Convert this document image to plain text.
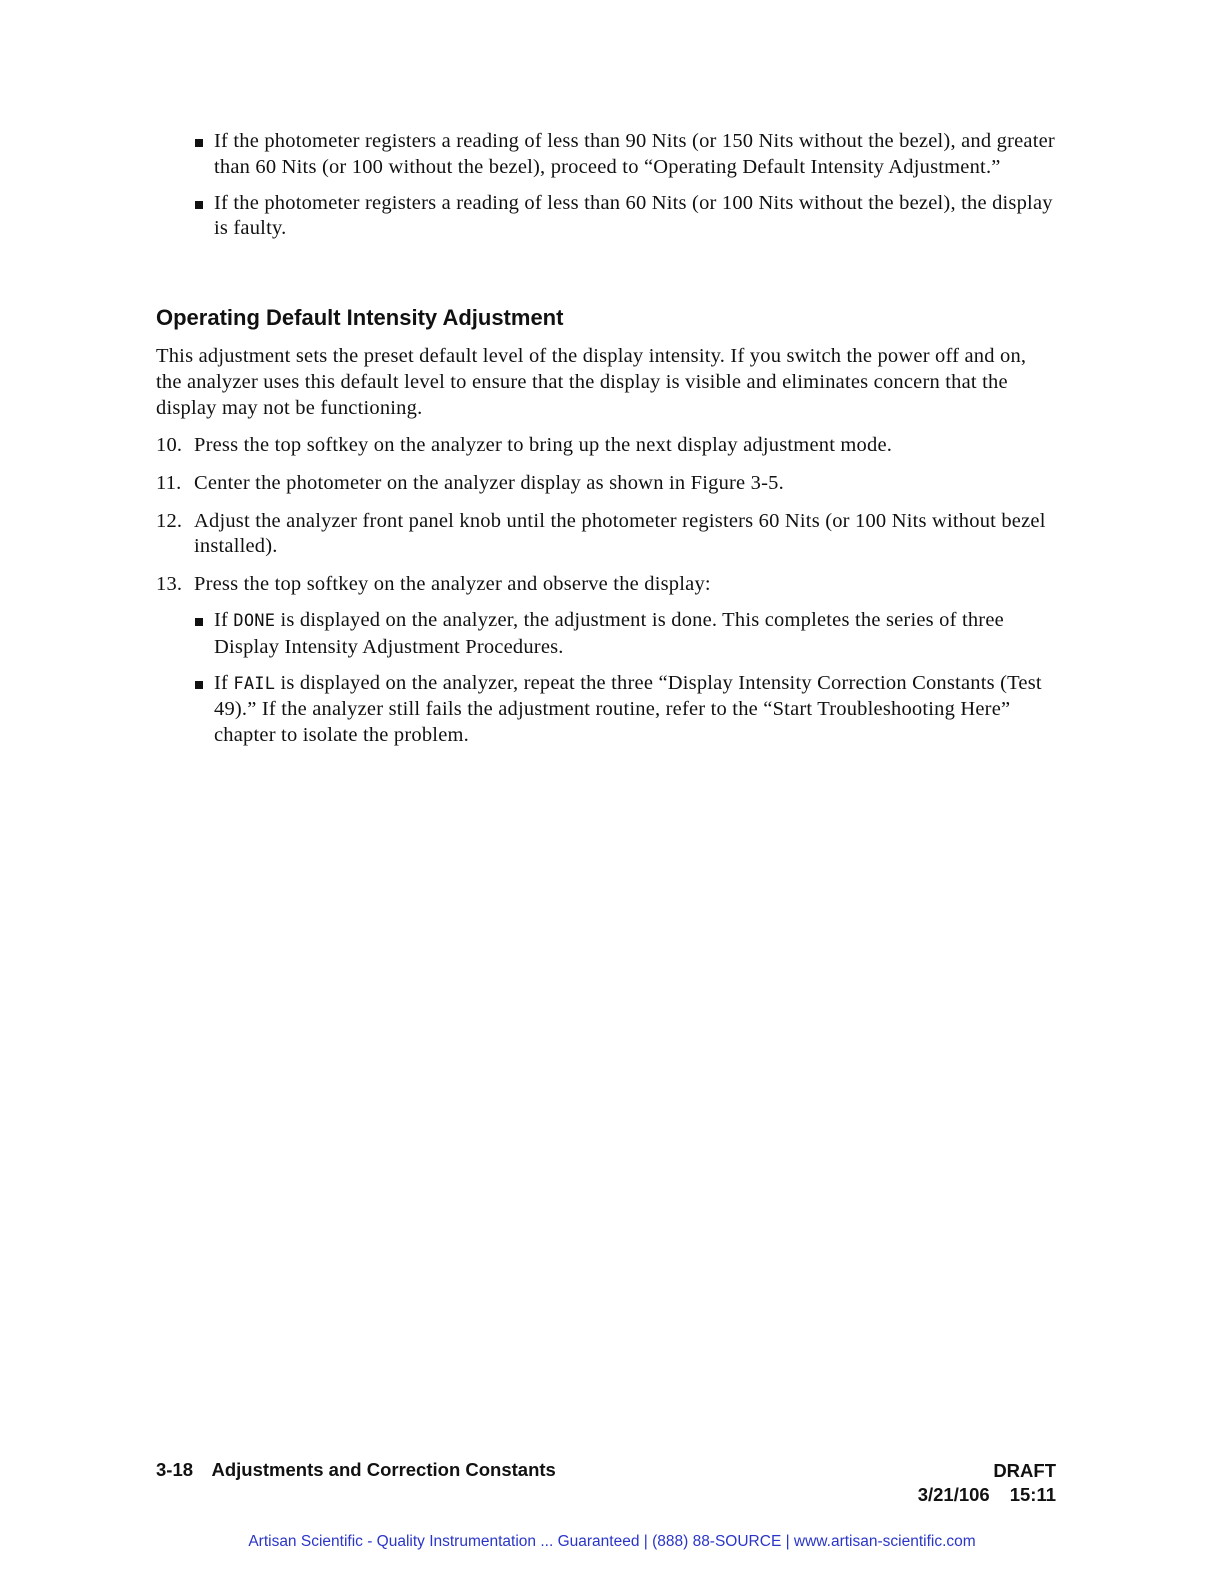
If the photometer registers a reading of less than 90 Nits (or 150 Nits without the bezel), and greater than 60 Nits (or 100 without the bezel), proceed to “Operating Default Intensity Adjustment.”
If the photometer registers a reading of less than 60 Nits (or 100 Nits without the bezel), the display is faulty.
Operating Default Intensity Adjustment
This adjustment sets the preset default level of the display intensity. If you switch the power off and on, the analyzer uses this default level to ensure that the display is visible and eliminates concern that the display may not be functioning.
10. Press the top softkey on the analyzer to bring up the next display adjustment mode.
11. Center the photometer on the analyzer display as shown in Figure 3-5.
12. Adjust the analyzer front panel knob until the photometer registers 60 Nits (or 100 Nits without bezel installed).
13. Press the top softkey on the analyzer and observe the display:
If DONE is displayed on the analyzer, the adjustment is done. This completes the series of three Display Intensity Adjustment Procedures.
If FAIL is displayed on the analyzer, repeat the three “Display Intensity Correction Constants (Test 49).” If the analyzer still fails the adjustment routine, refer to the “Start Troubleshooting Here” chapter to isolate the problem.
3-18 Adjustments and Correction Constants	DRAFT
3/21/106 15:11
Artisan Scientific - Quality Instrumentation ... Guaranteed | (888) 88-SOURCE | www.artisan-scientific.com
